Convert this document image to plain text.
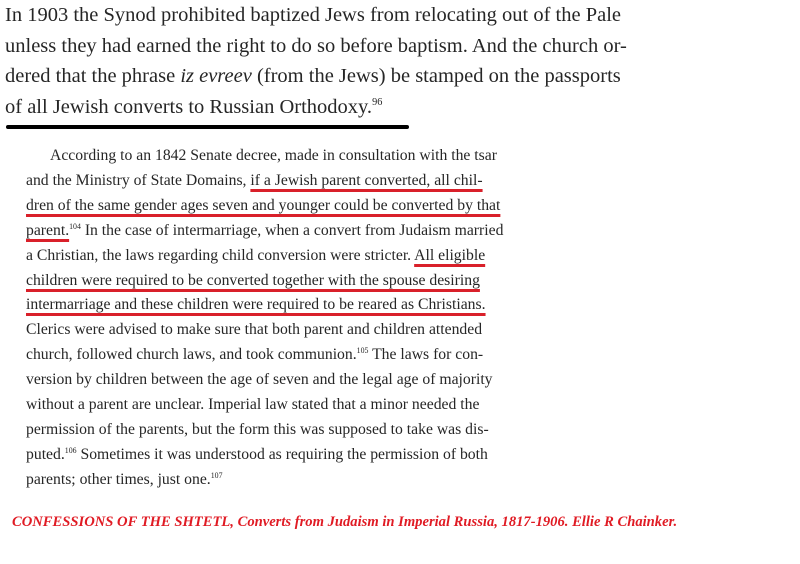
In 1903 the Synod prohibited baptized Jews from relocating out of the Pale
unless they had earned the right to do so before baptism. And the church or-
dered that the phrase iz evreev (from the Jews) be stamped on the passports
of all Jewish converts to Russian Orthodoxy.$^{96}$
According to an 1842 Senate decree, made in consultation with the tsar
and the Ministry of State Domains, if a Jewish parent converted, all chil-
dren of the same gender ages seven and younger could be converted by that
parent.$^{104}$ In the case of intermarriage, when a convert from Judaism married
a Christian, the laws regarding child conversion were stricter. All eligible
children were required to be converted together with the spouse desiring
intermarriage and these children were required to be reared as Christians.
Clerics were advised to make sure that both parent and children attended
church, followed church laws, and took communion.$^{105}$ The laws for con-
version by children between the age of seven and the legal age of majority
without a parent are unclear. Imperial law stated that a minor needed the
permission of the parents, but the form this was supposed to take was dis-
puted.$^{106}$ Sometimes it was understood as requiring the permission of both
parents; other times, just one.$^{107}$
CONFESSIONS OF THE SHTETL, Converts from Judaism in Imperial Russia, 1817-1906. Ellie R Chainker.
